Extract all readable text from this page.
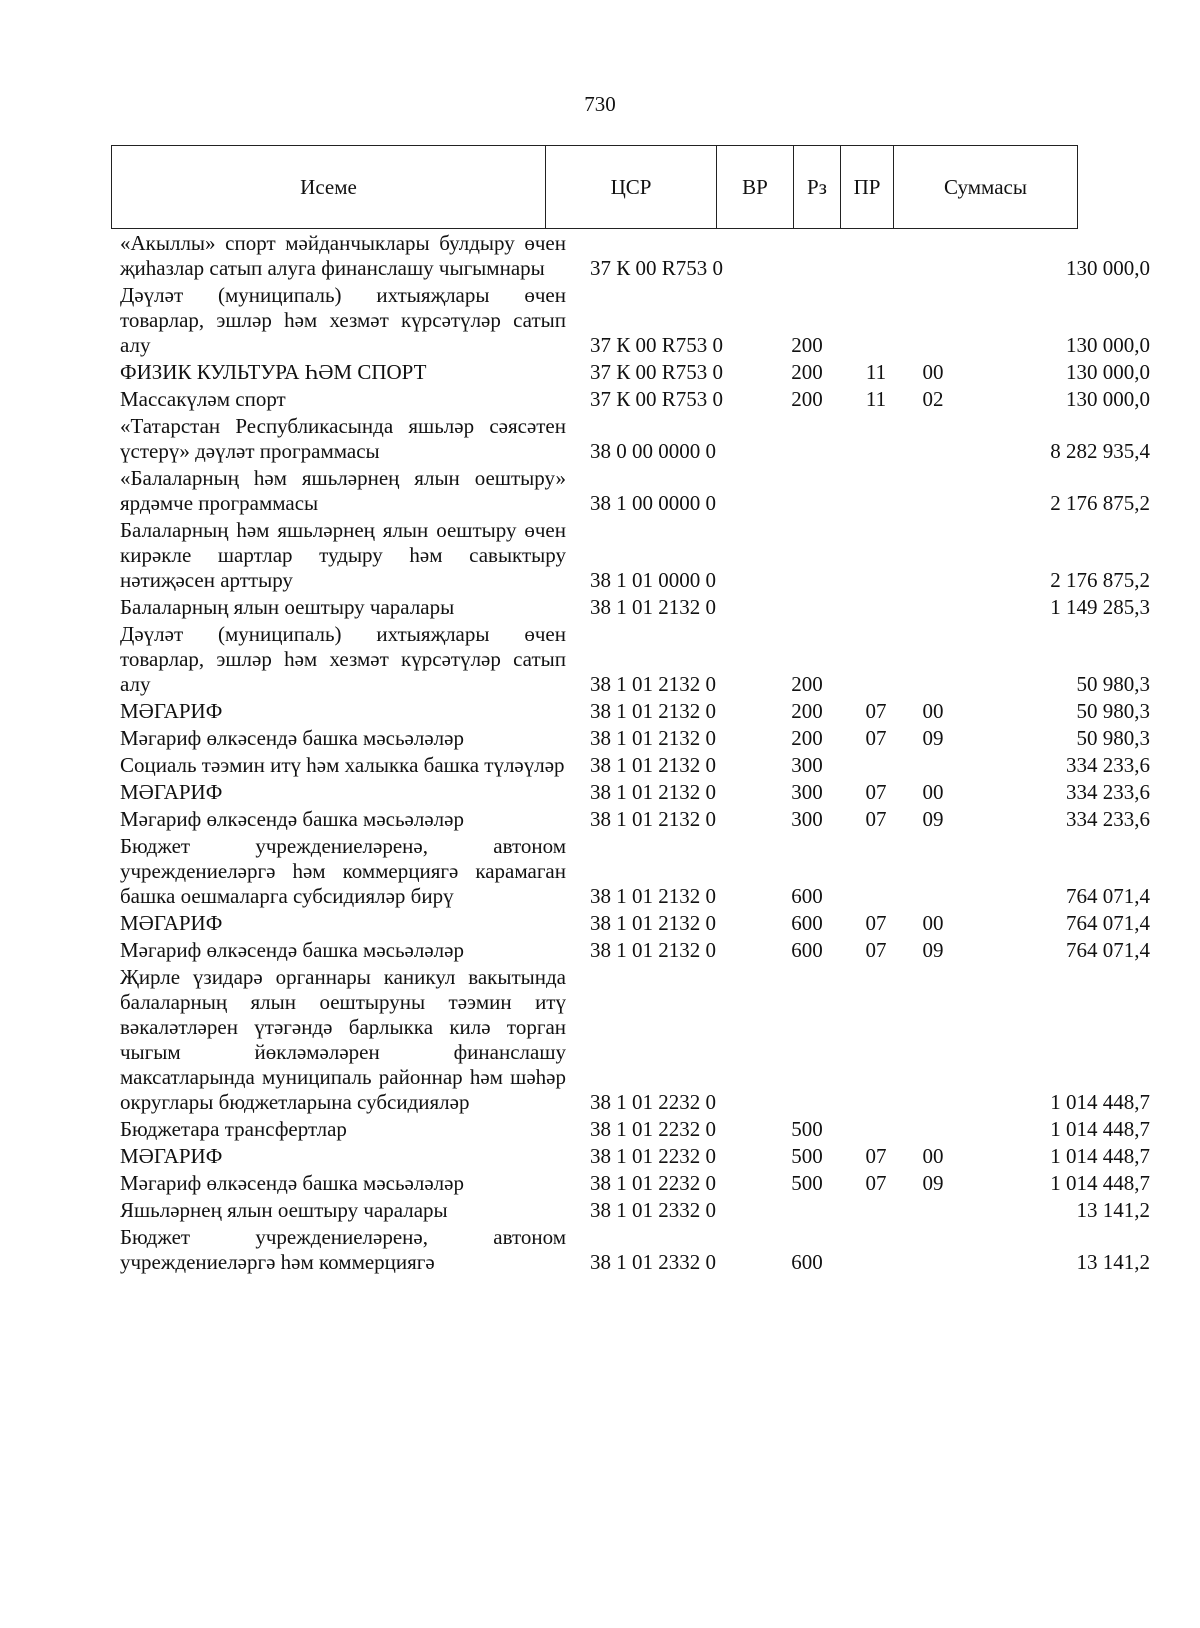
730
Исеме	ЦСР	ВР	Рз	ПР	Суммасы
«Акыллы» спорт мәйданчыклары булдыру өчен җиһазлар сатып алуга финанслашу чыгымнары	37 К 00 R753 0				130 000,0
Дәүләт (муниципаль) ихтыяҗлары өчен товарлар, эшләр һәм хезмәт күрсәтүләр сатып алу	37 К 00 R753 0	200			130 000,0
ФИЗИК КУЛЬТУРА ҺӘМ СПОРТ	37 К 00 R753 0	200	11	00	130 000,0
Массакүләм спорт	37 К 00 R753 0	200	11	02	130 000,0
«Татарстан Республикасында яшьләр сәясәтен үстерү» дәүләт программасы	38 0 00 0000 0				8 282 935,4
«Балаларның һәм яшьләрнең ялын оештыру» ярдәмче программасы	38 1 00 0000 0				2 176 875,2
Балаларның һәм яшьләрнең ялын оештыру өчен кирәкле шартлар тудыру һәм савыктыру нәтиҗәсен арттыру	38 1 01 0000 0				2 176 875,2
Балаларның ялын оештыру чаралары	38 1 01 2132 0				1 149 285,3
Дәүләт (муниципаль) ихтыяҗлары өчен товарлар, эшләр һәм хезмәт күрсәтүләр сатып алу	38 1 01 2132 0	200			50 980,3
МӘГАРИФ	38 1 01 2132 0	200	07	00	50 980,3
Мәгариф өлкәсендә башка мәсьәләләр	38 1 01 2132 0	200	07	09	50 980,3
Социаль тәэмин итү һәм халыкка башка түләүләр	38 1 01 2132 0	300			334 233,6
МӘГАРИФ	38 1 01 2132 0	300	07	00	334 233,6
Мәгариф өлкәсендә башка мәсьәләләр	38 1 01 2132 0	300	07	09	334 233,6
Бюджет учреждениеләренә, автоном учреждениеләргә һәм коммерциягә карамаган башка оешмаларга субсидияләр бирү	38 1 01 2132 0	600			764 071,4
МӘГАРИФ	38 1 01 2132 0	600	07	00	764 071,4
Мәгариф өлкәсендә башка мәсьәләләр	38 1 01 2132 0	600	07	09	764 071,4
Җирле үзидарә органнары каникул вакытында балаларның ялын оештыруны тәэмин итү вәкаләтләрен үтәгәндә барлыкка килә торган чыгым йөкләмәләрен финанслашу максатларында муниципаль районнар һәм шәһәр округлары бюджетларына субсидияләр	38 1 01 2232 0				1 014 448,7
Бюджетара трансфертлар	38 1 01 2232 0	500			1 014 448,7
МӘГАРИФ	38 1 01 2232 0	500	07	00	1 014 448,7
Мәгариф өлкәсендә башка мәсьәләләр	38 1 01 2232 0	500	07	09	1 014 448,7
Яшьләрнең ялын оештыру чаралары	38 1 01 2332 0				13 141,2
Бюджет учреждениеләренә, автоном учреждениеләргә һәм коммерциягә	38 1 01 2332 0	600			13 141,2
